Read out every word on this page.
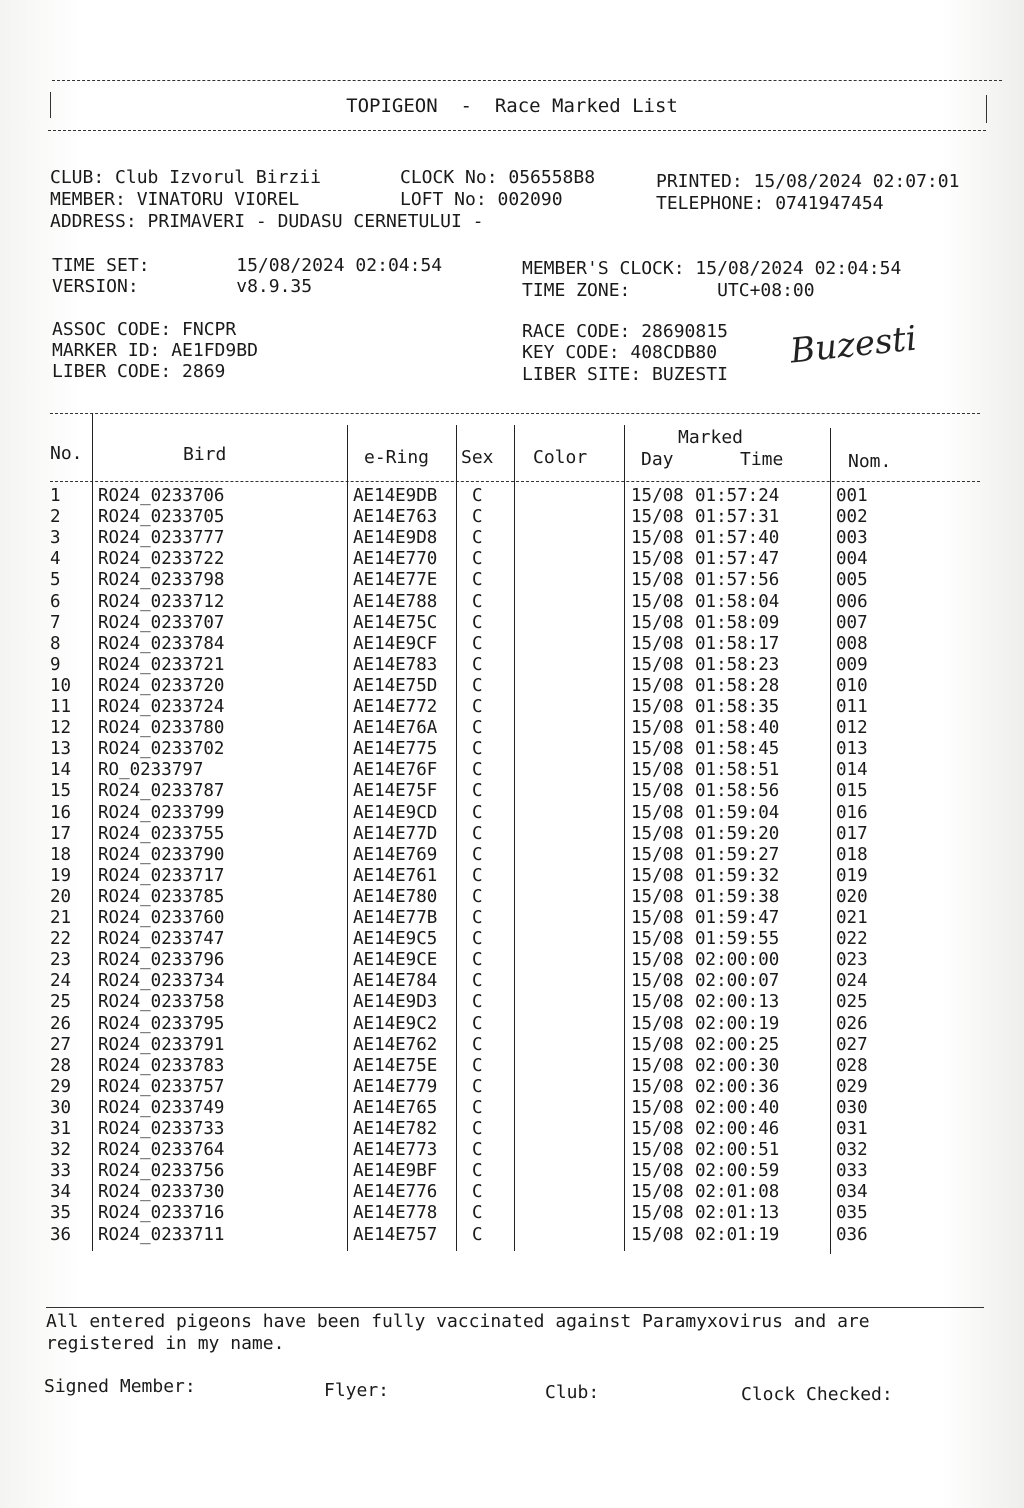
TOPIGEON  -  Race Marked List
CLUB: Club Izvorul Birzii
MEMBER: VINATORU VIOREL
ADDRESS: PRIMAVERI - DUDASU CERNETULUI -
CLOCK No: 056558B8
LOFT No: 002090
PRINTED: 15/08/2024 02:07:01
TELEPHONE: 0741947454
TIME SET:        15/08/2024 02:04:54
VERSION:         v8.9.35
MEMBER'S CLOCK: 15/08/2024 02:04:54
TIME ZONE:        UTC+08:00
ASSOC CODE: FNCPR
MARKER ID: AE1FD9BD
LIBER CODE: 2869
RACE CODE: 28690815
KEY CODE: 408CDB80
LIBER SITE: BUZESTI
Buzesti
No.	Bird	e-Ring Sex Color
Marked
Day	Time	Nom.
1 RO24_0233706	AE14E9DB C	15/08 01:57:24	001
2 RO24_0233705	AE14E763 C	15/08 01:57:31	002
3 RO24_0233777	AE14E9D8 C	15/08 01:57:40	003
4 RO24_0233722	AE14E770 C	15/08 01:57:47	004
5 RO24_0233798	AE14E77E C	15/08 01:57:56	005
6 RO24_0233712	AE14E788 C	15/08 01:58:04	006
7 RO24_0233707	AE14E75C C	15/08 01:58:09	007
8 RO24_0233784	AE14E9CF C	15/08 01:58:17	008
9 RO24_0233721	AE14E783 C	15/08 01:58:23	009
10 RO24_0233720	AE14E75D C	15/08 01:58:28	010
11 RO24_0233724	AE14E772 C	15/08 01:58:35	011
12 RO24_0233780	AE14E76A C	15/08 01:58:40	012
13 RO24_0233702	AE14E775 C	15/08 01:58:45	013
14 RO_0233797	AE14E76F C	15/08 01:58:51	014
15 RO24_0233787	AE14E75F C	15/08 01:58:56	015
16 RO24_0233799	AE14E9CD C	15/08 01:59:04	016
17 RO24_0233755	AE14E77D C	15/08 01:59:20	017
18 RO24_0233790	AE14E769 C	15/08 01:59:27	018
19 RO24_0233717	AE14E761 C	15/08 01:59:32	019
20 RO24_0233785	AE14E780 C	15/08 01:59:38	020
21 RO24_0233760	AE14E77B C	15/08 01:59:47	021
22 RO24_0233747	AE14E9C5 C	15/08 01:59:55	022
23 RO24_0233796	AE14E9CE C	15/08 02:00:00	023
24 RO24_0233734	AE14E784 C	15/08 02:00:07	024
25 RO24_0233758	AE14E9D3 C	15/08 02:00:13	025
26 RO24_0233795	AE14E9C2 C	15/08 02:00:19	026
27 RO24_0233791	AE14E762 C	15/08 02:00:25	027
28 RO24_0233783	AE14E75E C	15/08 02:00:30	028
29 RO24_0233757	AE14E779 C	15/08 02:00:36	029
30 RO24_0233749	AE14E765 C	15/08 02:00:40	030
31 RO24_0233733	AE14E782 C	15/08 02:00:46	031
32 RO24_0233764	AE14E773 C	15/08 02:00:51	032
33 RO24_0233756	AE14E9BF C	15/08 02:00:59	033
34 RO24_0233730	AE14E776 C	15/08 02:01:08	034
35 RO24_0233716	AE14E778 C	15/08 02:01:13	035
36 RO24_0233711	AE14E757 C	15/08 02:01:19	036
All entered pigeons have been fully vaccinated against Paramyxovirus and are
registered in my name.
Signed Member:	Flyer:	Club:	Clock Checked:
